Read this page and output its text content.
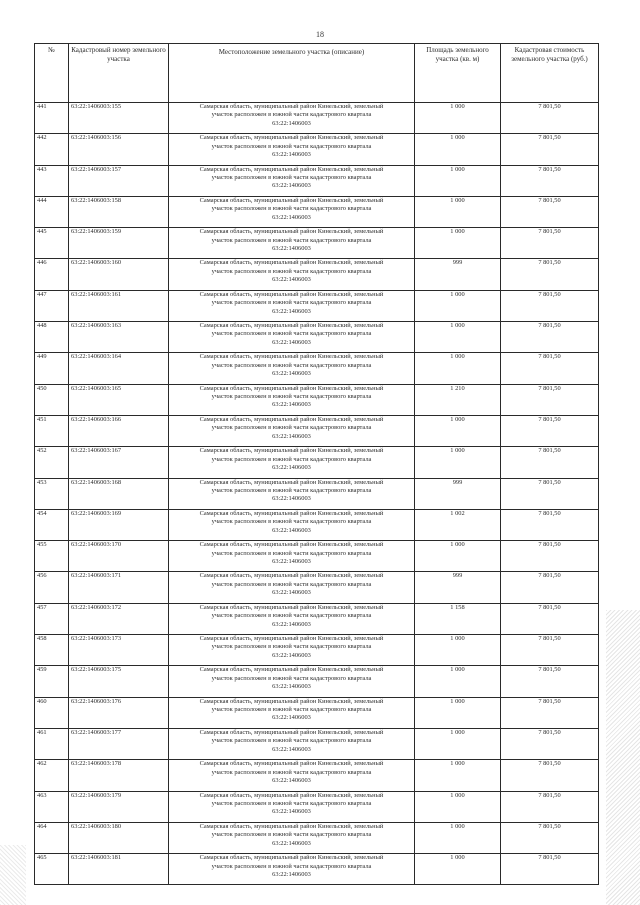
18
№	Кадастровый номер земельного участка	Местоположение земельного участка (описание)	Площадь земельного участка (кв. м)	Кадастровая стоимость земельного участка (руб.)
441	63:22:1406003:155	Самарская область, муниципальный район Кинельский, земельный
участок расположен в южной части кадастрового квартала
63:22:1406003	1 000	7 801,50
442	63:22:1406003:156	Самарская область, муниципальный район Кинельский, земельный
участок расположен в южной части кадастрового квартала
63:22:1406003	1 000	7 801,50
443	63:22:1406003:157	Самарская область, муниципальный район Кинельский, земельный
участок расположен в южной части кадастрового квартала
63:22:1406003	1 000	7 801,50
444	63:22:1406003:158	Самарская область, муниципальный район Кинельский, земельный
участок расположен в южной части кадастрового квартала
63:22:1406003	1 000	7 801,50
445	63:22:1406003:159	Самарская область, муниципальный район Кинельский, земельный
участок расположен в южной части кадастрового квартала
63:22:1406003	1 000	7 801,50
446	63:22:1406003:160	Самарская область, муниципальный район Кинельский, земельный
участок расположен в южной части кадастрового квартала
63:22:1406003	999	7 801,50
447	63:22:1406003:161	Самарская область, муниципальный район Кинельский, земельный
участок расположен в южной части кадастрового квартала
63:22:1406003	1 000	7 801,50
448	63:22:1406003:163	Самарская область, муниципальный район Кинельский, земельный
участок расположен в южной части кадастрового квартала
63:22:1406003	1 000	7 801,50
449	63:22:1406003:164	Самарская область, муниципальный район Кинельский, земельный
участок расположен в южной части кадастрового квартала
63:22:1406003	1 000	7 801,50
450	63:22:1406003:165	Самарская область, муниципальный район Кинельский, земельный
участок расположен в южной части кадастрового квартала
63:22:1406003	1 210	7 801,50
451	63:22:1406003:166	Самарская область, муниципальный район Кинельский, земельный
участок расположен в южной части кадастрового квартала
63:22:1406003	1 000	7 801,50
452	63:22:1406003:167	Самарская область, муниципальный район Кинельский, земельный
участок расположен в южной части кадастрового квартала
63:22:1406003	1 000	7 801,50
453	63:22:1406003:168	Самарская область, муниципальный район Кинельский, земельный
участок расположен в южной части кадастрового квартала
63:22:1406003	999	7 801,50
454	63:22:1406003:169	Самарская область, муниципальный район Кинельский, земельный
участок расположен в южной части кадастрового квартала
63:22:1406003	1 002	7 801,50
455	63:22:1406003:170	Самарская область, муниципальный район Кинельский, земельный
участок расположен в южной части кадастрового квартала
63:22:1406003	1 000	7 801,50
456	63:22:1406003:171	Самарская область, муниципальный район Кинельский, земельный
участок расположен в южной части кадастрового квартала
63:22:1406003	999	7 801,50
457	63:22:1406003:172	Самарская область, муниципальный район Кинельский, земельный
участок расположен в южной части кадастрового квартала
63:22:1406003	1 158	7 801,50
458	63:22:1406003:173	Самарская область, муниципальный район Кинельский, земельный
участок расположен в южной части кадастрового квартала
63:22:1406003	1 000	7 801,50
459	63:22:1406003:175	Самарская область, муниципальный район Кинельский, земельный
участок расположен в южной части кадастрового квартала
63:22:1406003	1 000	7 801,50
460	63:22:1406003:176	Самарская область, муниципальный район Кинельский, земельный
участок расположен в южной части кадастрового квартала
63:22:1406003	1 000	7 801,50
461	63:22:1406003:177	Самарская область, муниципальный район Кинельский, земельный
участок расположен в южной части кадастрового квартала
63:22:1406003	1 000	7 801,50
462	63:22:1406003:178	Самарская область, муниципальный район Кинельский, земельный
участок расположен в южной части кадастрового квартала
63:22:1406003	1 000	7 801,50
463	63:22:1406003:179	Самарская область, муниципальный район Кинельский, земельный
участок расположен в южной части кадастрового квартала
63:22:1406003	1 000	7 801,50
464	63:22:1406003:180	Самарская область, муниципальный район Кинельский, земельный
участок расположен в южной части кадастрового квартала
63:22:1406003	1 000	7 801,50
465	63:22:1406003:181	Самарская область, муниципальный район Кинельский, земельный
участок расположен в южной части кадастрового квартала
63:22:1406003	1 000	7 801,50
